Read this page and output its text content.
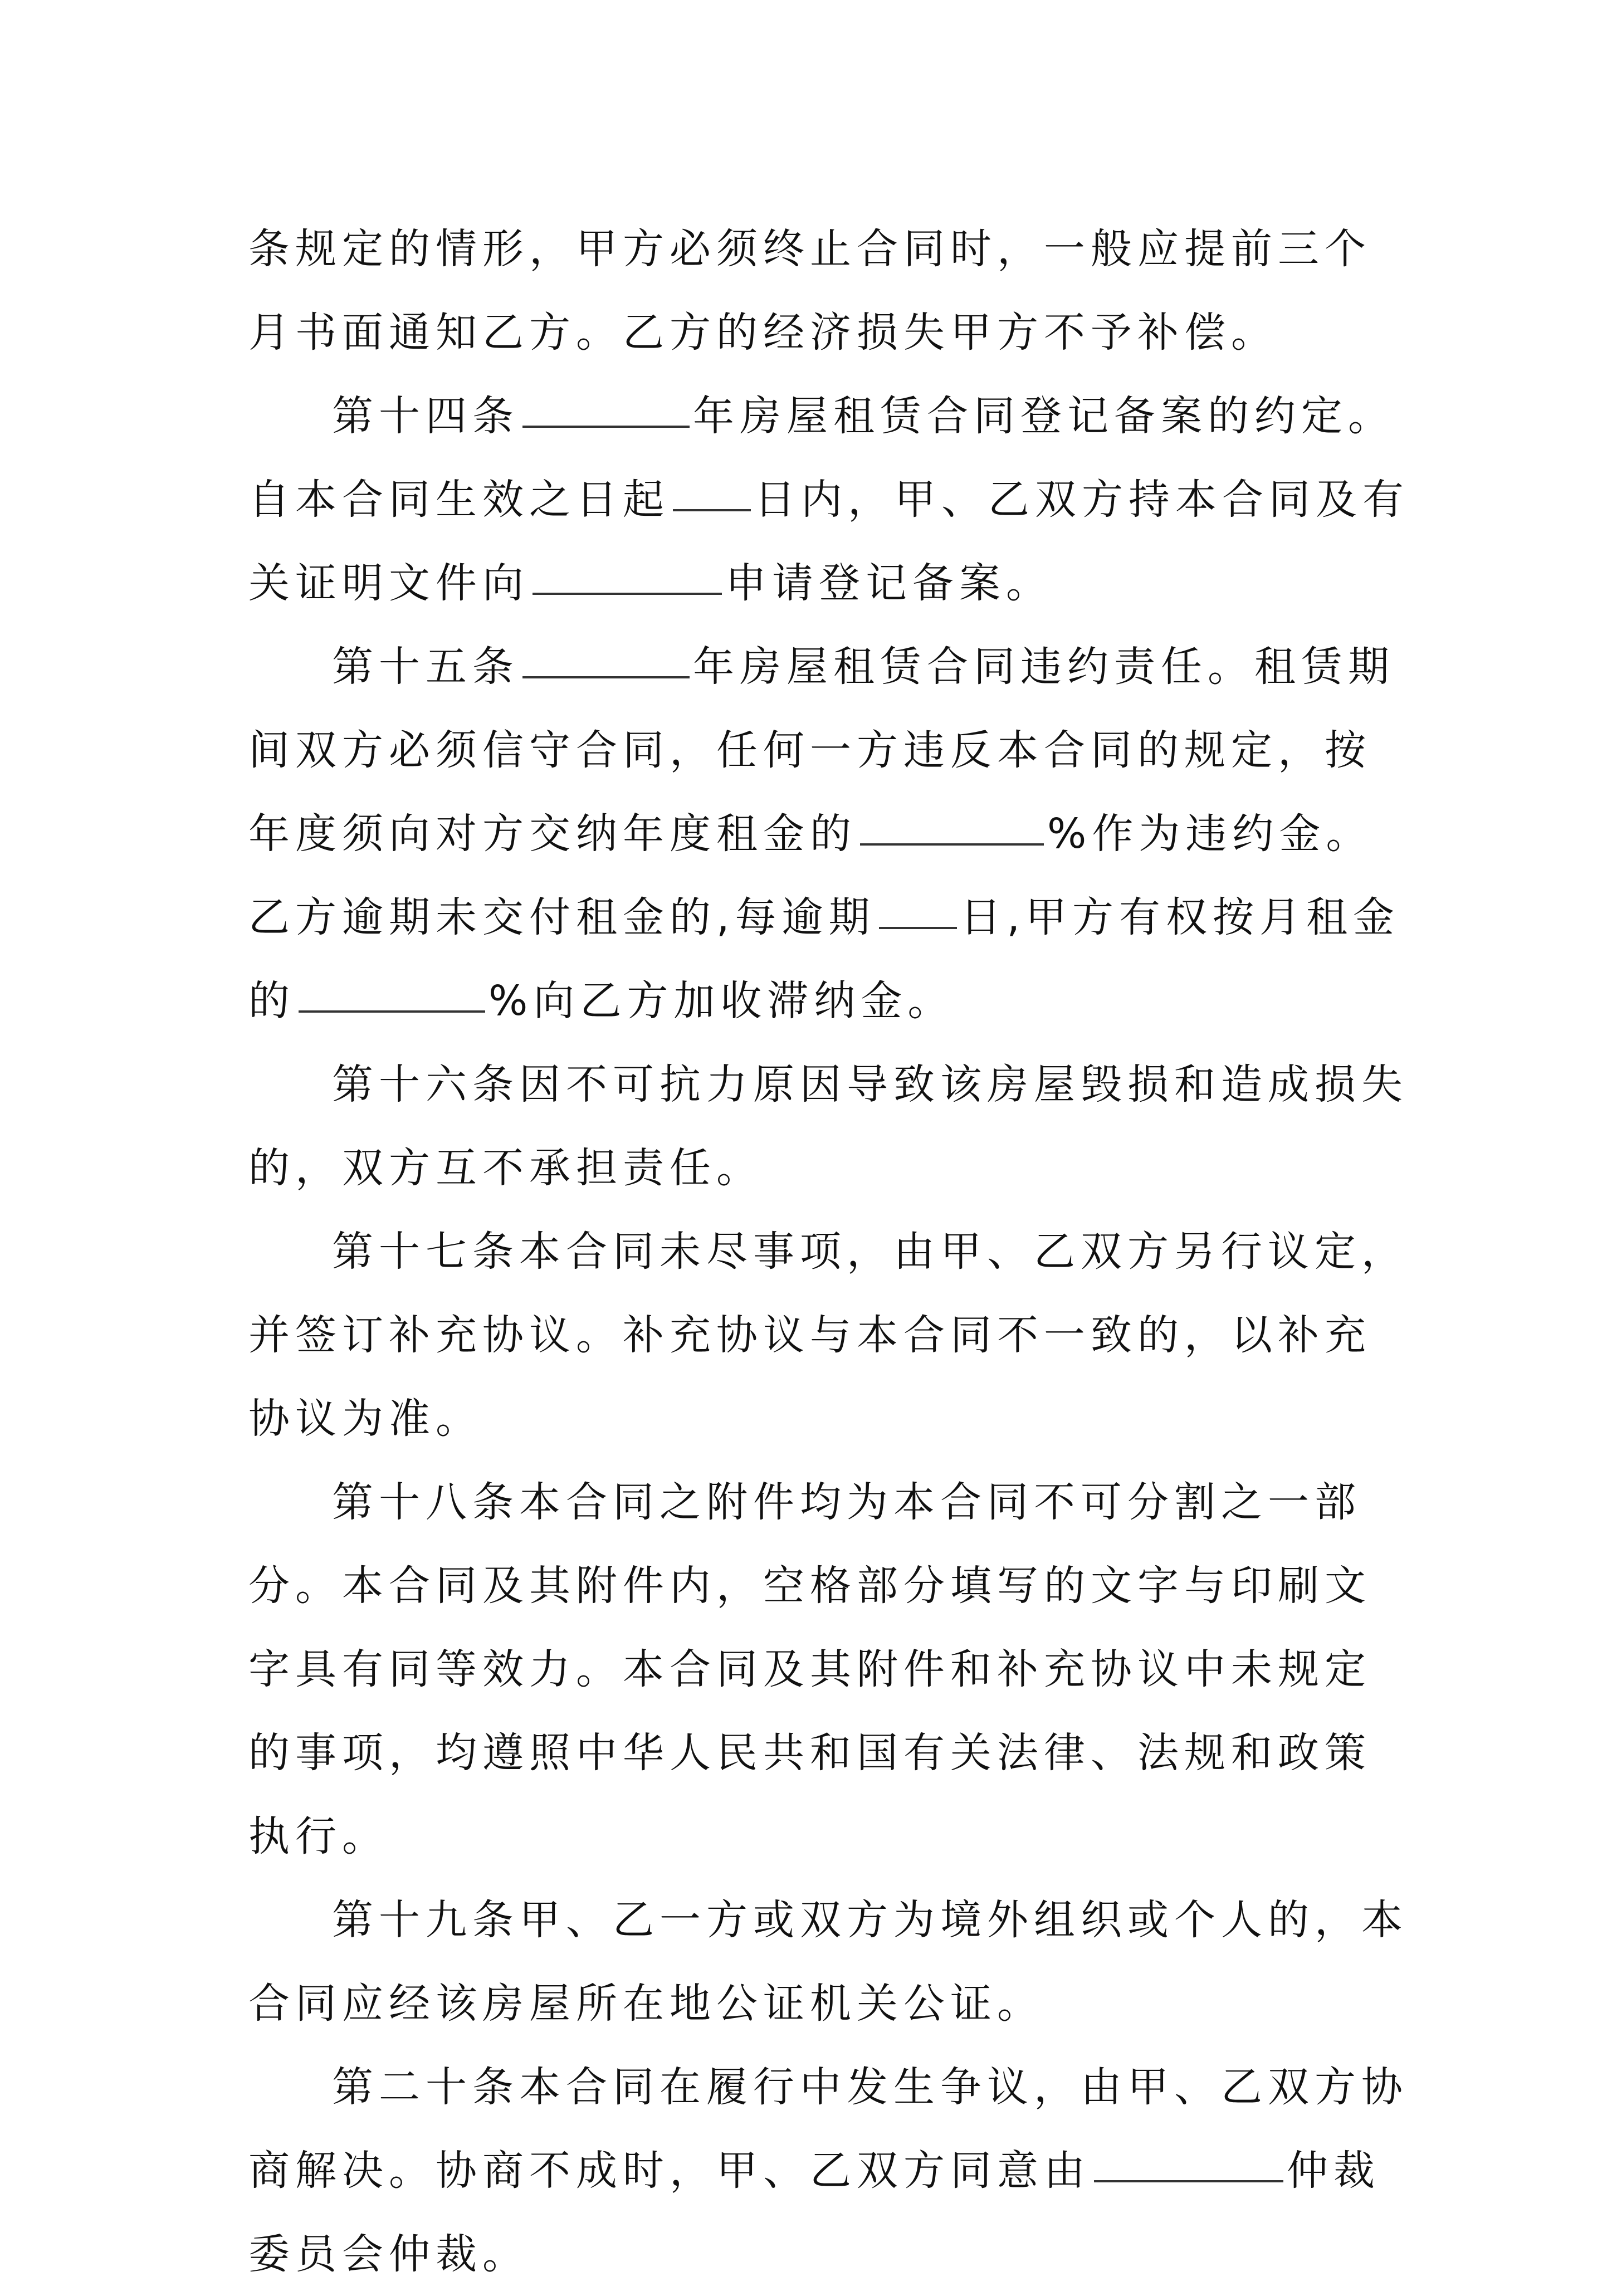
条规定的情形，甲方必须终止合同时，一般应提前三个月书面通知乙方。乙方的经济损失甲方不予补偿。

第十四条	年房屋租赁合同登记备案的约定。自本合同生效之日起 日内，甲、乙双方持本合同及有关证明文件向	申请登记备案。

第十五条	年房屋租赁合同违约责任。租赁期间双方必须信守合同，任何一方违反本合同的规定，按年度须向对方交纳年度租金的	%作为违约金。乙方逾期未交付租金的,每逾期 日,甲方有权按月租金的	%向乙方加收滞纳金。

第十六条因不可抗力原因导致该房屋毁损和造成损失的，双方互不承担责任。

第十七条本合同未尽事项，由甲、乙双方另行议定，并签订补充协议。补充协议与本合同不一致的，以补充协议为准。

第十八条本合同之附件均为本合同不可分割之一部分。本合同及其附件内，空格部分填写的文字与印刷文字具有同等效力。本合同及其附件和补充协议中未规定的事项，均遵照中华人民共和国有关法律、法规和政策执行。

第十九条甲、乙一方或双方为境外组织或个人的，本合同应经该房屋所在地公证机关公证。

第二十条本合同在履行中发生争议，由甲、乙双方协商解决。协商不成时，甲、乙双方同意由	仲裁委员会仲裁。
